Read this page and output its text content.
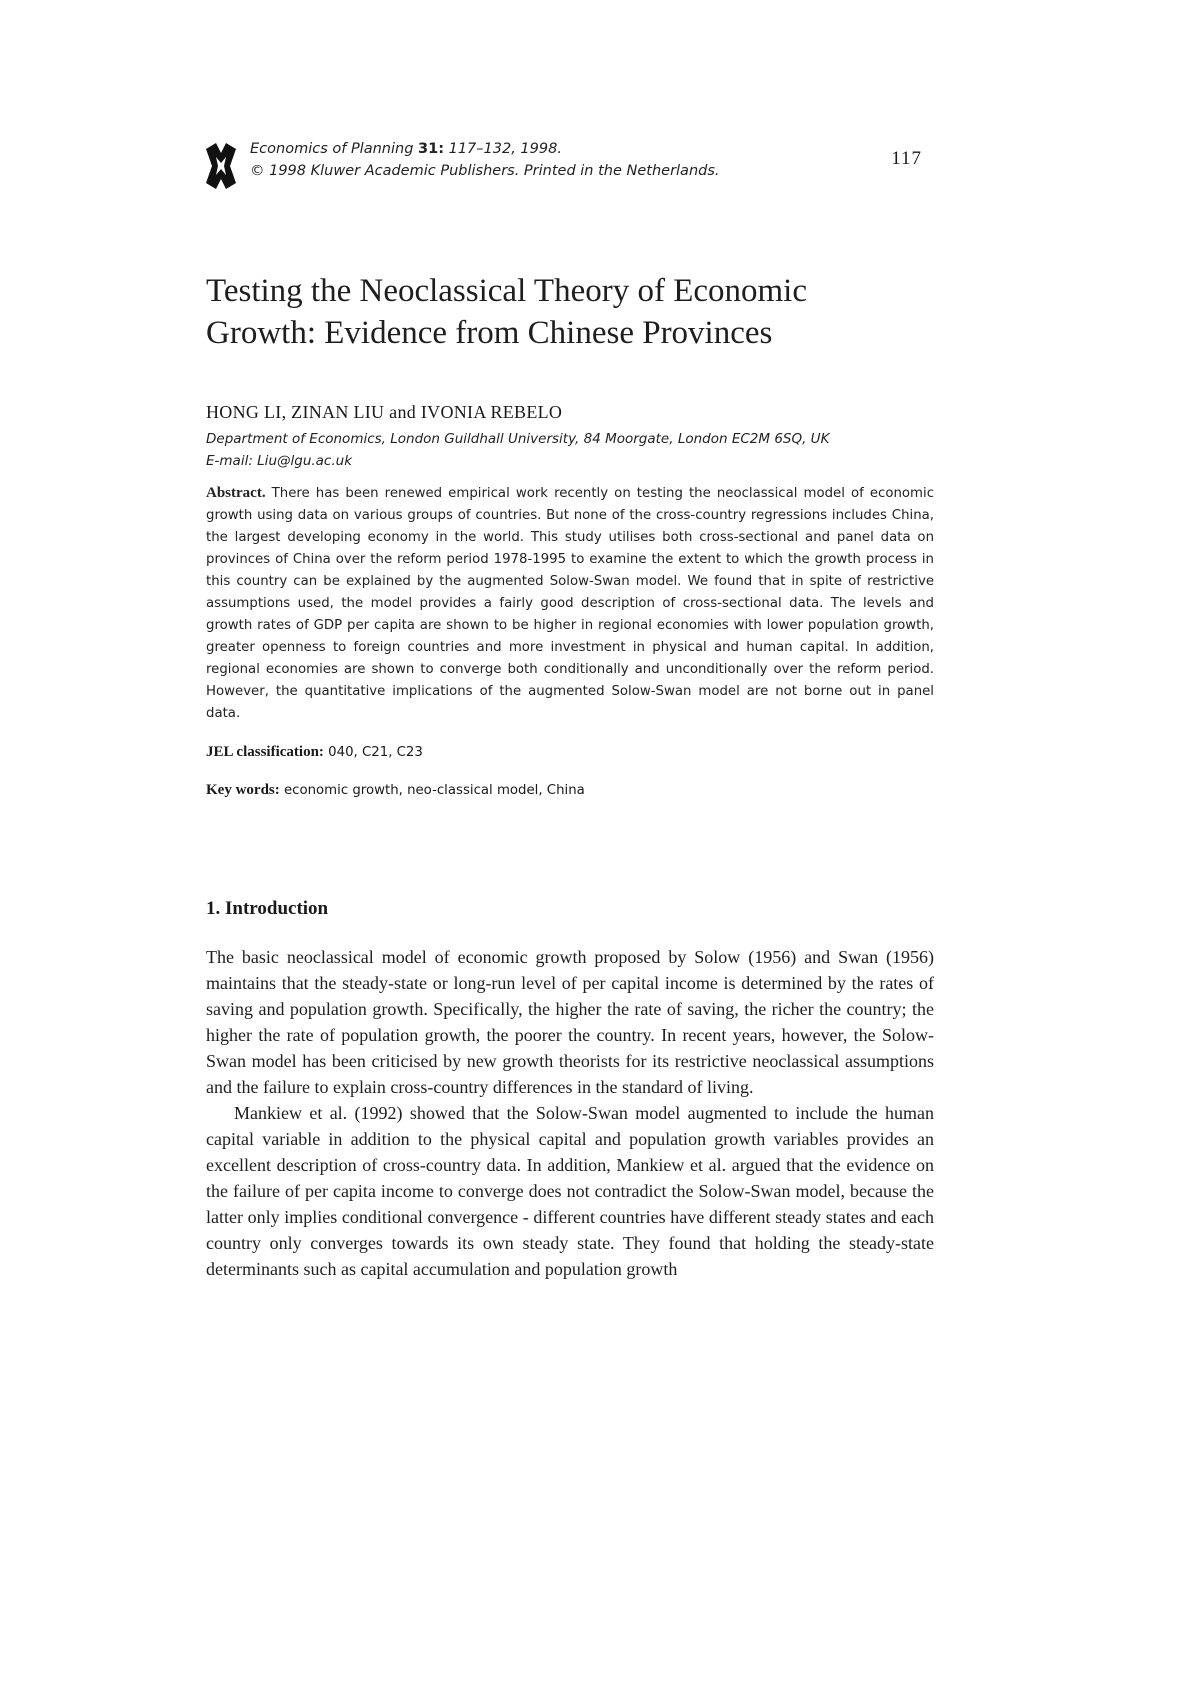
Economics of Planning 31: 117–132, 1998.
© 1998 Kluwer Academic Publishers. Printed in the Netherlands.
117
Testing the Neoclassical Theory of Economic
Growth: Evidence from Chinese Provinces
HONG LI, ZINAN LIU and IVONIA REBELO
Department of Economics, London Guildhall University, 84 Moorgate, London EC2M 6SQ, UK
E-mail: Liu@lgu.ac.uk
Abstract. There has been renewed empirical work recently on testing the neoclassical model of economic growth using data on various groups of countries. But none of the cross-country regressions includes China, the largest developing economy in the world. This study utilises both cross-sectional and panel data on provinces of China over the reform period 1978-1995 to examine the extent to which the growth process in this country can be explained by the augmented Solow-Swan model. We found that in spite of restrictive assumptions used, the model provides a fairly good description of cross-sectional data. The levels and growth rates of GDP per capita are shown to be higher in regional economies with lower population growth, greater openness to foreign countries and more investment in physical and human capital. In addition, regional economies are shown to converge both conditionally and unconditionally over the reform period. However, the quantitative implications of the augmented Solow-Swan model are not borne out in panel data.
JEL classification: 040, C21, C23
Key words: economic growth, neo-classical model, China
1. Introduction

The basic neoclassical model of economic growth proposed by Solow (1956) and Swan (1956) maintains that the steady-state or long-run level of per capital income is determined by the rates of saving and population growth. Specifically, the higher the rate of saving, the richer the country; the higher the rate of population growth, the poorer the country. In recent years, however, the Solow-Swan model has been criticised by new growth theorists for its restrictive neoclassical assumptions and the failure to explain cross-country differences in the standard of living.

Mankiew et al. (1992) showed that the Solow-Swan model augmented to include the human capital variable in addition to the physical capital and population growth variables provides an excellent description of cross-country data. In addition, Mankiew et al. argued that the evidence on the failure of per capita income to converge does not contradict the Solow-Swan model, because the latter only implies conditional convergence - different countries have different steady states and each country only converges towards its own steady state. They found that holding the steady-state determinants such as capital accumulation and population growth
